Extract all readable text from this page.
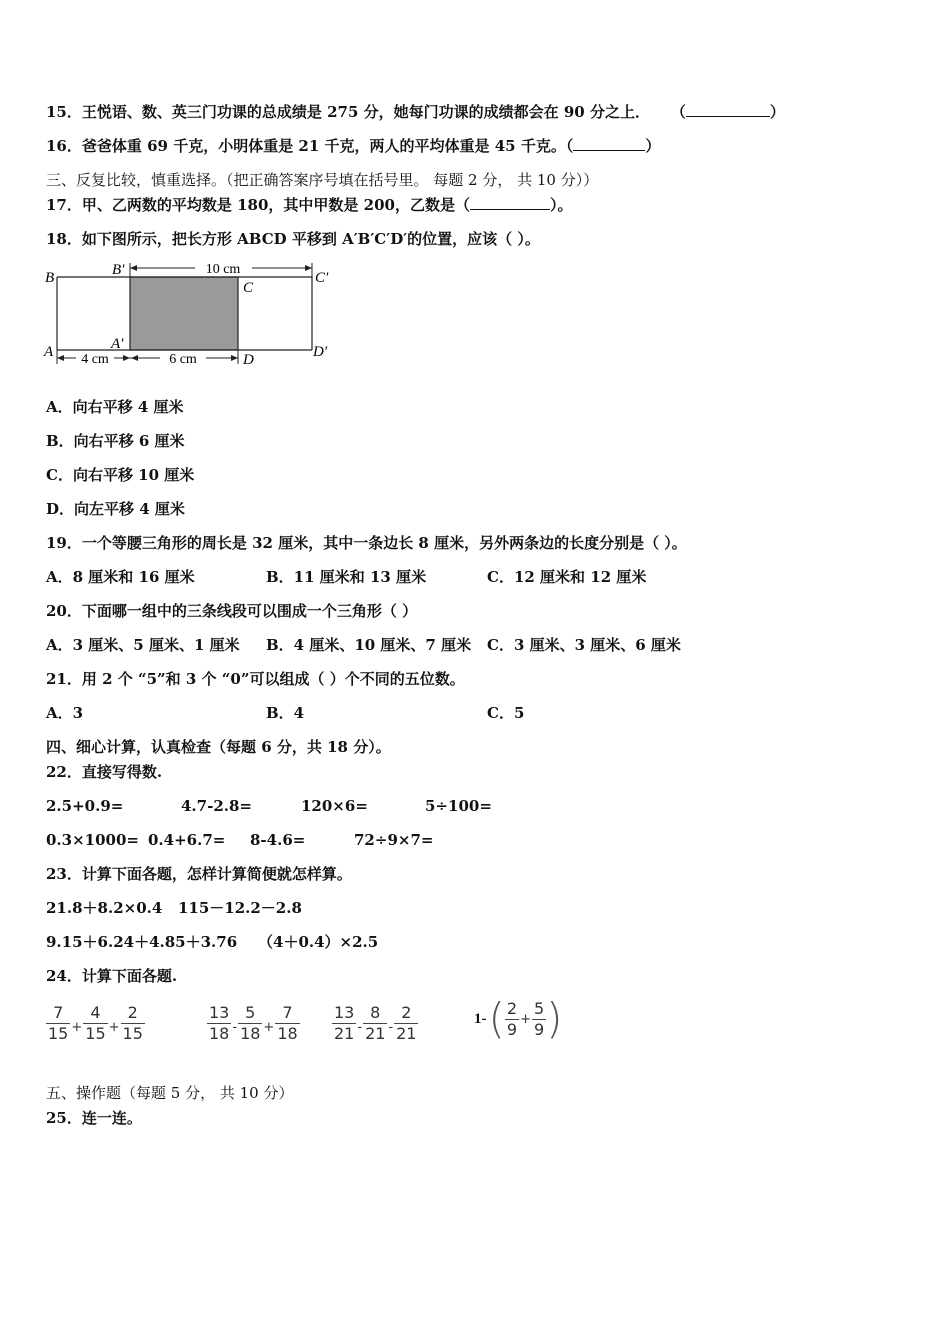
15．王悦语、数、英三门功课的总成绩是 275 分，她每门功课的成绩都会在 90 分之上． （	）
16．爸爸体重 69 千克，小明体重是 21 千克，两人的平均体重是 45 千克。（	）
三、反复比较，慎重选择。（把正确答案序号填在括号里。 每题 2 分， 共 10 分））
17．甲、乙两数的平均数是 180，其中甲数是 200，乙数是（	）。
18．如下图所示，把长方形 ABCD 平移到 A′B′C′D′的位置，应该（ ）。
10 cm
4 cm	6 cm
B	B′	C′
C
A	A′
D	D′
A．向右平移 4 厘米
B．向右平移 6 厘米
C．向右平移 10 厘米
D．向左平移 4 厘米
19．一个等腰三角形的周长是 32 厘米，其中一条边长 8 厘米，另外两条边的长度分别是（ ）。
A．8 厘米和 16 厘米	B．11 厘米和 13 厘米	C．12 厘米和 12 厘米
20．下面哪一组中的三条线段可以围成一个三角形（ ）
A．3 厘米、5 厘米、1 厘米 B．4 厘米、10 厘米、7 厘米 C．3 厘米、3 厘米、6 厘米
21．用 2 个 “5”和 3 个 “0”可以组成（ ）个不同的五位数。
A．3	B．4	C．5
四、细心计算，认真检查（每题 6 分，共 18 分）。
22．直接写得数.
2.5+0.9=	4.7-2.8=	120×6=	5÷100=
0.3×1000= 0.4+6.7= 8-4.6=	72÷9×7=
23．计算下面各题，怎样计算简便就怎样算。
21.8＋8.2×0.4   115－12.2－2.8
9.15＋6.24＋4.85＋3.76    （4＋0.4）×2.5
24．计算下面各题.
7
$15 + \frac{4}{15} + \frac{2}{15}$	13
18 -
5
$18 + \frac{7}{18} 13$
21 -
8
21 -
2
21
1- ( 2
9
+ $\frac{5}{9}$ )
五、操作题（每题 5 分， 共 10 分）
25．连一连。
